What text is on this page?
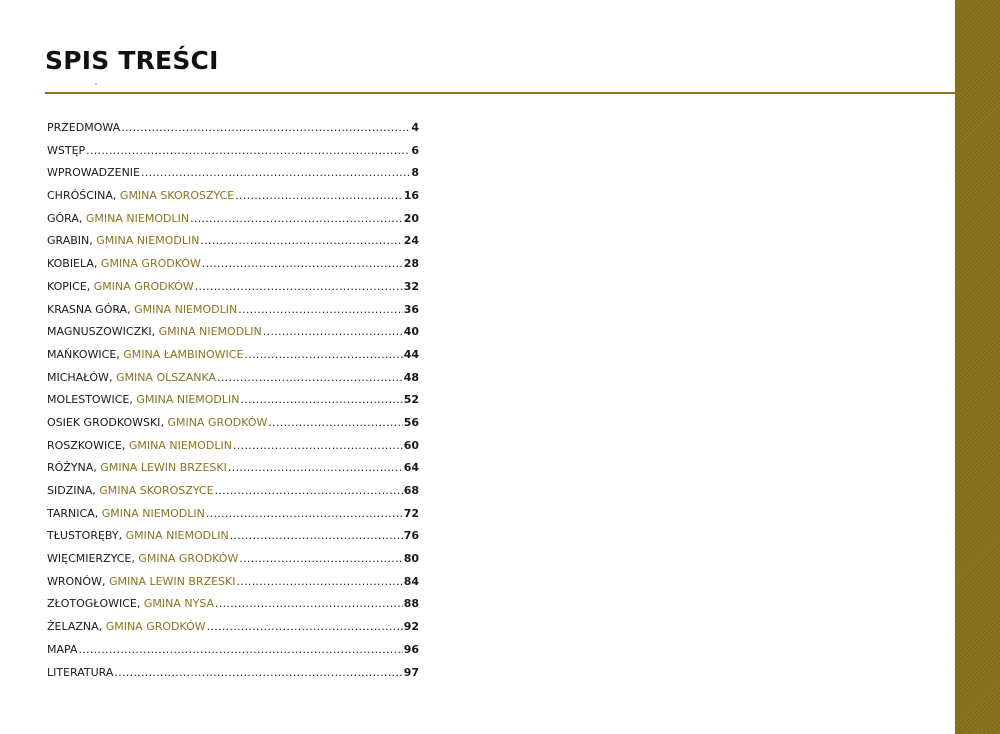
SPIS TREŚCI
ˇ
PRZEDMOWA .....	4
WSTĘP .....	6
WPROWADZENIE .....	8
CHRÓŚCINA , GMINA SKOROSZYCE .....	16
GÓRA , GMINA NIEMODLIN .....	20
GRABIN , GMINA NIEMODLIN .....	24
KOBIELA , GMINA GRODKÓW .....	28
KOPICE , GMINA GRODKÓW .....	32
KRASNA GÓRA , GMINA NIEMODLIN .....	36
MAGNUSZOWICZKI , GMINA NIEMODLIN .....	40
MAŃKOWICE , GMINA ŁAMBINOWICE .....	44
MICHAŁÓW , GMINA OLSZANKA .....	48
MOLESTOWICE , GMINA NIEMODLIN .....	52
OSIEK GRODKOWSKI , GMINA GRODKÓW .....	56
ROSZKOWICE , GMINA NIEMODLIN .....	60
RÓŻYNA , GMINA LEWIN BRZESKI .....	64
SIDZINA , GMINA SKOROSZYCE .....	68
TARNICA , GMINA NIEMODLIN .....	72
TŁUSTORĘBY , GMINA NIEMODLIN .....	76
WIĘCMIERZYCE , GMINA GRODKÓW .....	80
WRONÓW , GMINA LEWIN BRZESKI .....	84
ZŁOTOGŁOWICE , GMINA NYSA .....	88
ŻELAZNA , GMINA GRODKÓW .....	92
MAPA .....	96
LITERATURA .....	97
